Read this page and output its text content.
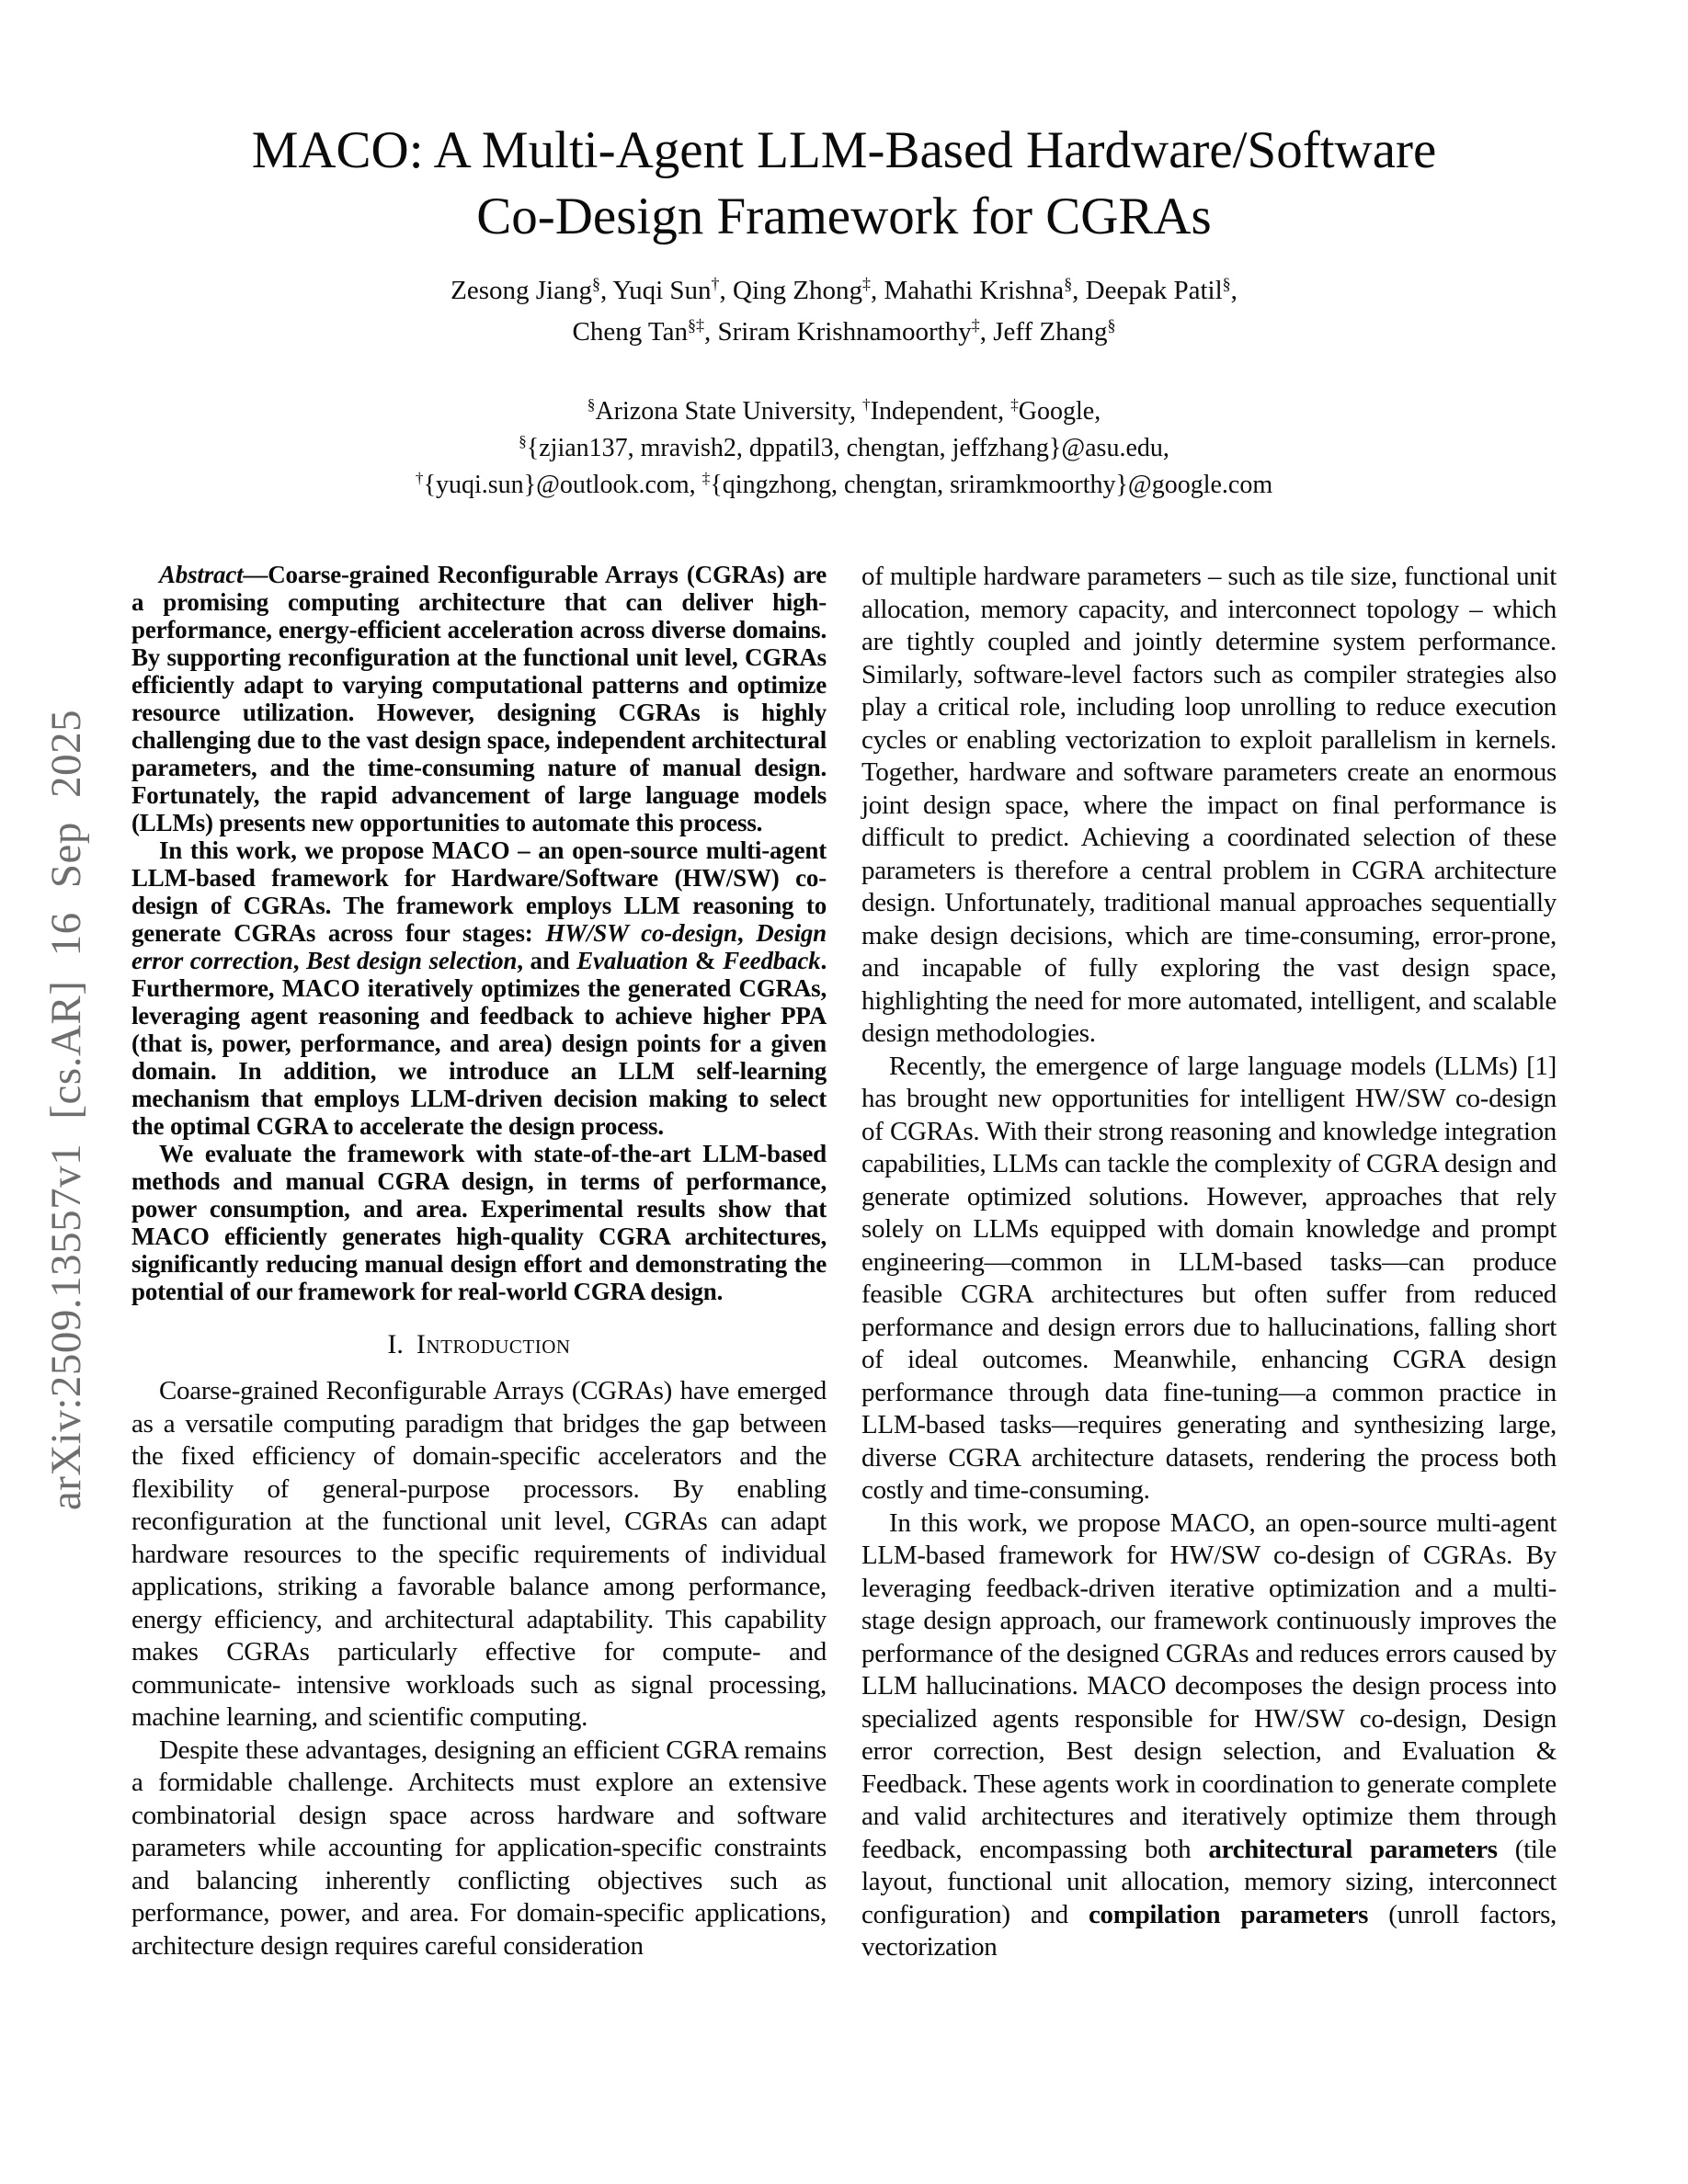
arXiv:2509.13557v1 [cs.AR] 16 Sep 2025
MACO: A Multi-Agent LLM-Based Hardware/Software
Co-Design Framework for CGRAs
Zesong Jiang§, Yuqi Sun†, Qing Zhong‡, Mahathi Krishna§, Deepak Patil§,
Cheng Tan§‡, Sriram Krishnamoorthy‡, Jeff Zhang§
§Arizona State University, †Independent, ‡Google,
§{zjian137, mravish2, dppatil3, chengtan, jeffzhang}@asu.edu,
†{yuqi.sun}@outlook.com, ‡{qingzhong, chengtan, sriramkmoorthy}@google.com

Abstract—Coarse-grained Reconfigurable Arrays (CGRAs) are a promising computing architecture that can deliver high-performance, energy-efficient acceleration across diverse domains. By supporting reconfiguration at the functional unit level, CGRAs efficiently adapt to varying computational patterns and optimize resource utilization. However, designing CGRAs is highly challenging due to the vast design space, independent architectural parameters, and the time-consuming nature of manual design. Fortunately, the rapid advancement of large language models (LLMs) presents new opportunities to automate this process.

In this work, we propose MACO – an open-source multi-agent LLM-based framework for Hardware/Software (HW/SW) co-design of CGRAs. The framework employs LLM reasoning to generate CGRAs across four stages: HW/SW co-design, Design error correction, Best design selection, and Evaluation & Feedback. Furthermore, MACO iteratively optimizes the generated CGRAs, leveraging agent reasoning and feedback to achieve higher PPA (that is, power, performance, and area) design points for a given domain. In addition, we introduce an LLM self-learning mechanism that employs LLM-driven decision making to select the optimal CGRA to accelerate the design process.

We evaluate the framework with state-of-the-art LLM-based methods and manual CGRA design, in terms of performance, power consumption, and area. Experimental results show that MACO efficiently generates high-quality CGRA architectures, significantly reducing manual design effort and demonstrating the potential of our framework for real-world CGRA design.

I. Introduction

Coarse-grained Reconfigurable Arrays (CGRAs) have emerged as a versatile computing paradigm that bridges the gap between the fixed efficiency of domain-specific accelerators and the flexibility of general-purpose processors. By enabling reconfiguration at the functional unit level, CGRAs can adapt hardware resources to the specific requirements of individual applications, striking a favorable balance among performance, energy efficiency, and architectural adaptability. This capability makes CGRAs particularly effective for compute- and communicate- intensive workloads such as signal processing, machine learning, and scientific computing.

Despite these advantages, designing an efficient CGRA remains a formidable challenge. Architects must explore an extensive combinatorial design space across hardware and software parameters while accounting for application-specific constraints and balancing inherently conflicting objectives such as performance, power, and area. For domain-specific applications, architecture design requires careful consideration

of multiple hardware parameters – such as tile size, functional unit allocation, memory capacity, and interconnect topology – which are tightly coupled and jointly determine system performance. Similarly, software-level factors such as compiler strategies also play a critical role, including loop unrolling to reduce execution cycles or enabling vectorization to exploit parallelism in kernels. Together, hardware and software parameters create an enormous joint design space, where the impact on final performance is difficult to predict. Achieving a coordinated selection of these parameters is therefore a central problem in CGRA architecture design. Unfortunately, traditional manual approaches sequentially make design decisions, which are time-consuming, error-prone, and incapable of fully exploring the vast design space, highlighting the need for more automated, intelligent, and scalable design methodologies.

Recently, the emergence of large language models (LLMs) [1] has brought new opportunities for intelligent HW/SW co-design of CGRAs. With their strong reasoning and knowledge integration capabilities, LLMs can tackle the complexity of CGRA design and generate optimized solutions. However, approaches that rely solely on LLMs equipped with domain knowledge and prompt engineering—common in LLM-based tasks—can produce feasible CGRA architectures but often suffer from reduced performance and design errors due to hallucinations, falling short of ideal outcomes. Meanwhile, enhancing CGRA design performance through data fine-tuning—a common practice in LLM-based tasks—requires generating and synthesizing large, diverse CGRA architecture datasets, rendering the process both costly and time-consuming.

In this work, we propose MACO, an open-source multi-agent LLM-based framework for HW/SW co-design of CGRAs. By leveraging feedback-driven iterative optimization and a multi-stage design approach, our framework continuously improves the performance of the designed CGRAs and reduces errors caused by LLM hallucinations. MACO decomposes the design process into specialized agents responsible for HW/SW co-design, Design error correction, Best design selection, and Evaluation & Feedback. These agents work in coordination to generate complete and valid architectures and iteratively optimize them through feedback, encompassing both architectural parameters (tile layout, functional unit allocation, memory sizing, interconnect configuration) and compilation parameters (unroll factors, vectorization
